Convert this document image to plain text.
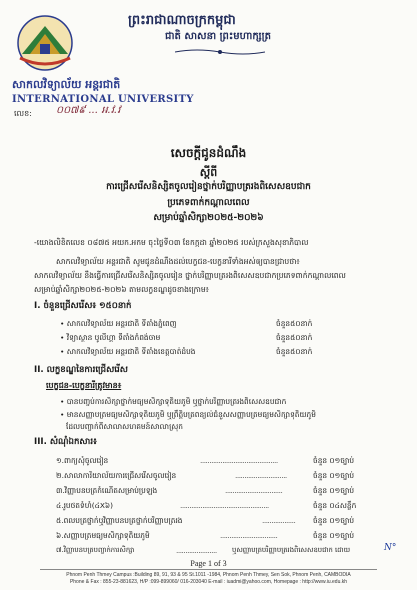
ព្រះរាជាណាចក្រកម្ពុជា
ជាតិ សាសនា ព្រះមហាក្សត្រ
សាកលវិទ្យាល័យ អន្តរជាតិ
INTERNATIONAL UNIVERSITY
លេខ: ០០៧៩ ... អ.វ.វ
សេចក្តីជូនដំណឹង
ស្តីពី
ការជ្រើសរើសនិស្សិតចូលរៀនថ្នាក់បរិញ្ញាបត្ររងពិសេសឧបជាក
ប្រភេទពាក់កណ្តាលពេល
សម្រាប់ឆ្នាំសិក្សា២០២៥-២០២៦
-យោងលិខិតលេខ ០៨៧៥ អយក.អកម ចុះថ្ងៃទី០៣ ខែកក្កដា ឆ្នាំ២០២៥ របស់ក្រសួងសុខាភិបាល
សាកលវិទ្យាល័យ អន្តរជាតិ សូមជូនដំណឹងដល់បេក្ខជន-បេក្ខនារីទាំងអស់ឲ្យបានជ្រាបថា៖
សាកលវិទ្យាល័យ នឹងធ្វើការជ្រើសរើសនិស្សិតចូលរៀន ថ្នាក់បរិញ្ញាបត្ររងពិសេសឧបជាកប្រភេទពាក់កណ្តាលពេល
សម្រាប់ឆ្នាំសិក្សា២០២៥-២០២៦ តាមលក្ខខណ្ឌដូចខាងក្រោម៖
I. ចំនួនជ្រើសរើស៖ ១៥០នាក់
• សាកលវិទ្យាល័យ អន្តរជាតិ ទីតាំងភ្នំពេញ	ចំនួន៥០នាក់
• វិទ្យាស្ថាន បូលីហ្គា ទីតាំងកំពង់ចាម	ចំនួន៥០នាក់
• សាកលវិទ្យាល័យ អន្តរជាតិ ទីតាំងខេត្តបាត់ដំបង	ចំនួន៥០នាក់
II. លក្ខខណ្ឌនៃការជ្រើសរើស
បេក្ខជន-បេក្ខនារីត្រូវមាន៖
• បានបញ្ចប់ការសិក្សាថ្នាក់មធ្យមសិក្សាទុតិយភូមិ ឬថ្នាក់បរិញ្ញាបត្ររងពិសេសឧបជាក
• មានសញ្ញាបត្រមធ្យមសិក្សាទុតិយភូមិ ឬព្រឹត្តិបត្រពន្យល់ជំនួសសញ្ញាបត្រមធ្យមសិក្សាទុតិយភូមិ
ដែលបញ្ជាក់ពីសាលាសហគមន៍សាលាស្រុក
III. សំណុំឯកសារ៖
១.ពាក្យសុំចូលរៀន	..........................................	ចំនួន ០១ច្បាប់
២.សាលាការិយាល័យការជ្រើសរើសចូលរៀន	............................	ចំនួន ០១ច្បាប់
៣.វិញ្ញាបនបត្រកំណើតសម្រាប់ប្រឡង	...............................	ចំនួន ០១ច្បាប់
៤.រូបថតទំហំ(៤X៦)	................................................	ចំនួន ០៤សន្លឹក
៥.ពលបត្រថ្នាក់ឬវិញ្ញាបនបត្រថ្នាក់បរិញ្ញាបត្ររង	.................. ចំនួន ០១ច្បាប់
៦.សញ្ញាបត្រមធ្យមសិក្សាទុតិយភូមិ	...............................	ចំនួន ០១ច្បាប់
៧.វិញ្ញាបនបត្របញ្ជាក់ការសិក្សា	...................... ឬសញ្ញាបត្របរិញ្ញាបត្ររងពិសេសឧបជាក ដោយ	N°
Page 1 of 3
Phnom Penh Thmey Campus :Building 89, 91, 93 & 95 St.1011 -1984, Phnom Penh Thmey, Sen Sok, Phnom Penh, CAMBODIA
Phone & Fax : 855-23-881623, H/P :099-899060/ 016-203040 E-mail : iuadmi@yahoo.com, Homepage : http://www.iu.edu.kh
